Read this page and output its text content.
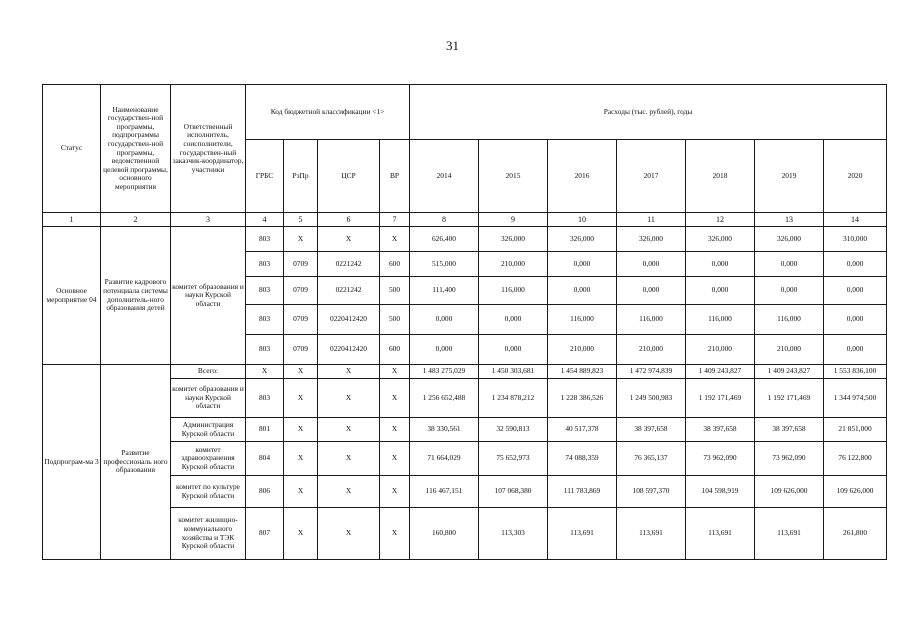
31
Статус	Наименование государствен-ной программы, подпрограммы государствен-ной программы, ведомственной целевой программы, основного мероприятия	Ответственный исполнитель, соисполнители, государствен-ный заказчик-координатор, участники	Код бюджетной классификации <1>				Расходы (тыс. рублей), годы						
			ГРБС	РзПр	ЦСР	ВР	2014	2015	2016	2017	2018	2019	2020
1	2	3	4	5	6	7	8	9	10	11	12	13	14
Основное мероприятие 04	Развитие кадрового потенциала системы дополнитель-ного образования детей	комитет образования и науки Курской области	803	Х	Х	Х	626,400	326,000	326,000	326,000	326,000	326,000	310,000
			803	0709	0221242	600	515,000	210,000	0,000	0,000	0,000	0,000	0,000
			803	0709	0221242	500	111,400	116,000	0,000	0,000	0,000	0,000	0,000
			803	0709	0220412420	500	0,000	0,000	116,000	116,000	116,000	116,000	0,000
			803	0709	0220412420	600	0,000	0,000	210,000	210,000	210,000	210,000	0,000
Подпрограм-ма 3	Развитие профессиональ ного образования	Всего:	Х	Х	Х	Х	1 483 275,029	1 450 303,681	1 454 889,823	1 472 974,839	1 409 243,827	1 409 243,827	1 553 836,100
		комитет образования и науки Курской области	803	Х	Х	Х	1 256 652,488	1 234 878,212	1 228 386,526	1 249 500,983	1 192 171,469	1 192 171,469	1 344 974,500
		Администрация Курской области	801	Х	Х	Х	38 330,561	32 590,813	40 517,378	38 397,658	38 397,658	38 397,658	21 851,000
		комитет здравоохранения Курской области	804	Х	Х	Х	71 664,029	75 652,973	74 088,359	76 365,137	73 962,090	73 962,090	76 122,800
		комитет по культуре Курской области	806	Х	Х	Х	116 467,151	107 068,380	111 783,869	108 597,370	104 598,919	109 626,000	109 626,000
		комитет жилищно-коммунального хозяйства и ТЭК Курской области	807	Х	Х	Х	160,800	113,303	113,691	113,691	113,691	113,691	261,800
